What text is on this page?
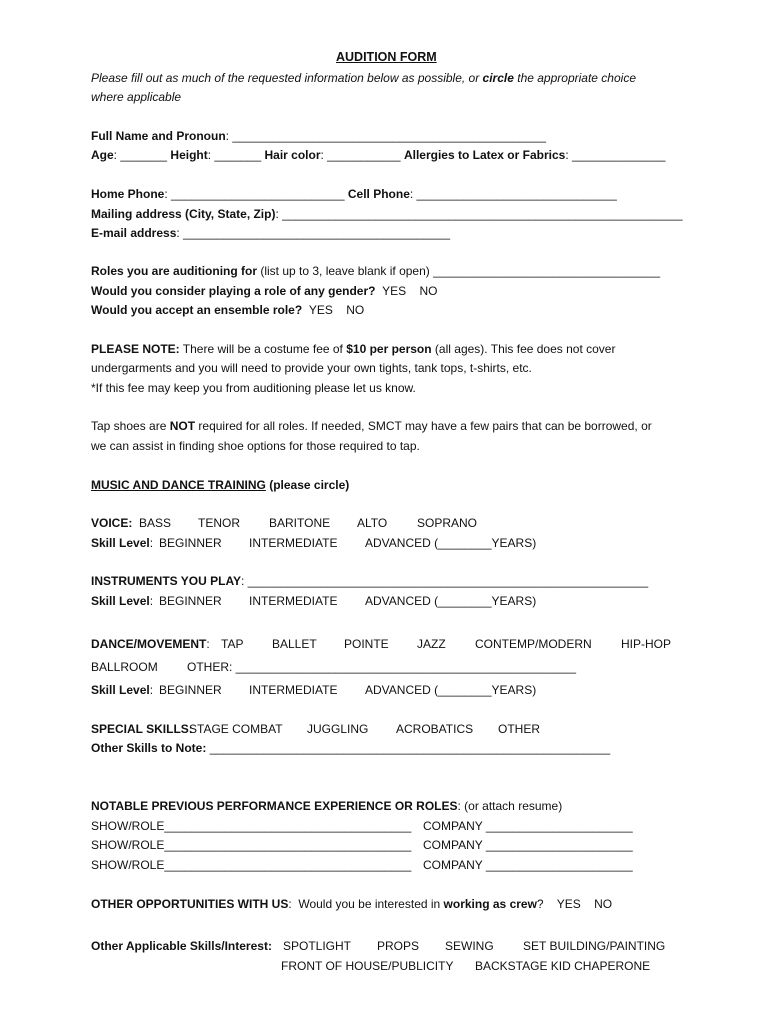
AUDITION FORM
Please fill out as much of the requested information below as possible, or circle the appropriate choice
where applicable
Full Name and Pronoun: _______________________________________________
Age: _______ Height: _______ Hair color: ___________ Allergies to Latex or Fabrics: ______________
Home Phone: __________________________ Cell Phone: ______________________________
Mailing address (City, State, Zip): ____________________________________________________________
E-mail address: ________________________________________
Roles you are auditioning for (list up to 3, leave blank if open) __________________________________
Would you consider playing a role of any gender? YES    NO
Would you accept an ensemble role? YES    NO
PLEASE NOTE: There will be a costume fee of $10 per person (all ages). This fee does not cover
undergarments and you will need to provide your own tights, tank tops, t-shirts, etc.
*If this fee may keep you from auditioning please let us know.
Tap shoes are NOT required for all roles. If needed, SMCT may have a few pairs that can be borrowed, or
we can assist in finding shoe options for those required to tap.
MUSIC AND DANCE TRAINING (please circle)
VOICE: BASS TENOR BARITONE ALTO SOPRANO
Skill Level: BEGINNER INTERMEDIATE ADVANCED (________YEARS)
INSTRUMENTS YOU PLAY: ____________________________________________________________
Skill Level: BEGINNER INTERMEDIATE ADVANCED (________YEARS)
DANCE/MOVEMENT: TAP BALLET POINTE JAZZ CONTEMP/MODERN HIP-HOP
BALLROOM OTHER: ___________________________________________________
Skill Level: BEGINNER INTERMEDIATE ADVANCED (________YEARS)
SPECIAL SKILLS:
STAGE COMBAT JUGGLING ACROBATICS OTHER
Other Skills to Note: ____________________________________________________________
NOTABLE PREVIOUS PERFORMANCE EXPERIENCE OR ROLES: (or attach resume)
SHOW/ROLE_____________________________________ COMPANY ______________________
SHOW/ROLE_____________________________________ COMPANY ______________________
SHOW/ROLE_____________________________________ COMPANY ______________________
OTHER OPPORTUNITIES WITH US:  Would you be interested in working as crew?    YES    NO
Other Applicable Skills/Interest: SPOTLIGHT PROPS SEWING SET BUILDING/PAINTING
FRONT OF HOUSE/PUBLICITY BACKSTAGE KID CHAPERONE
